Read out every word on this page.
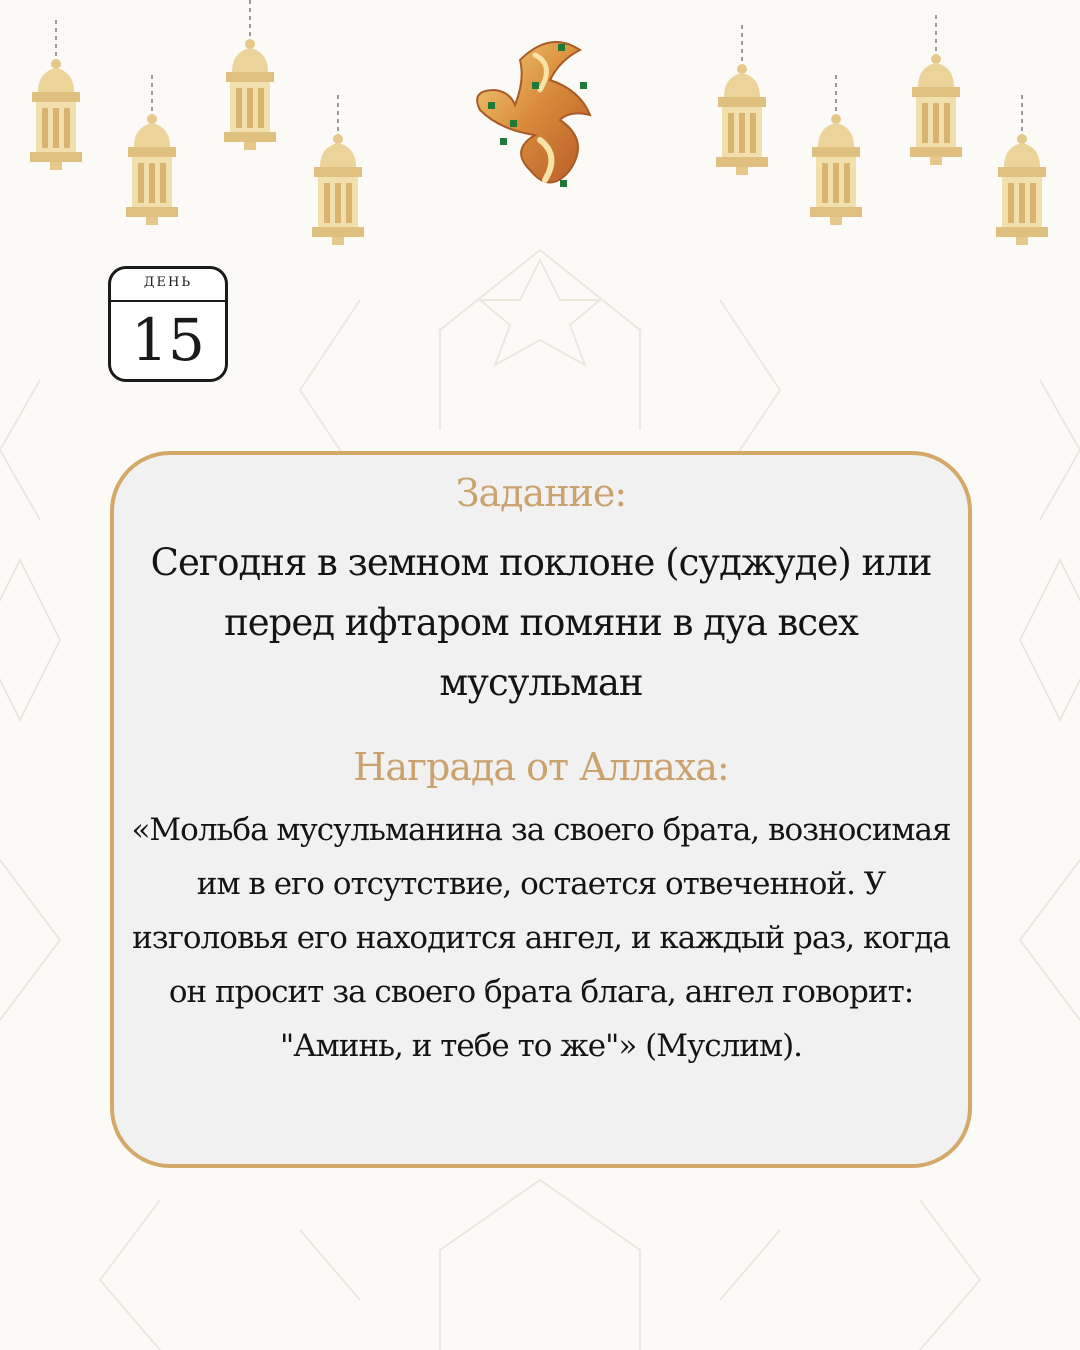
ДЕНЬ
15
Задание:
Сегодня в земном поклоне (суджуде) или перед ифтаром помяни в дуа всех мусульман
Награда от Аллаха:
«Мольба мусульманина за своего брата, возносимая им в его отсутствие, остается отвеченной. У изголовья его находится ангел, и каждый раз, когда он просит за своего брата блага, ангел говорит: "Аминь, и тебе то же"» (Муслим).
